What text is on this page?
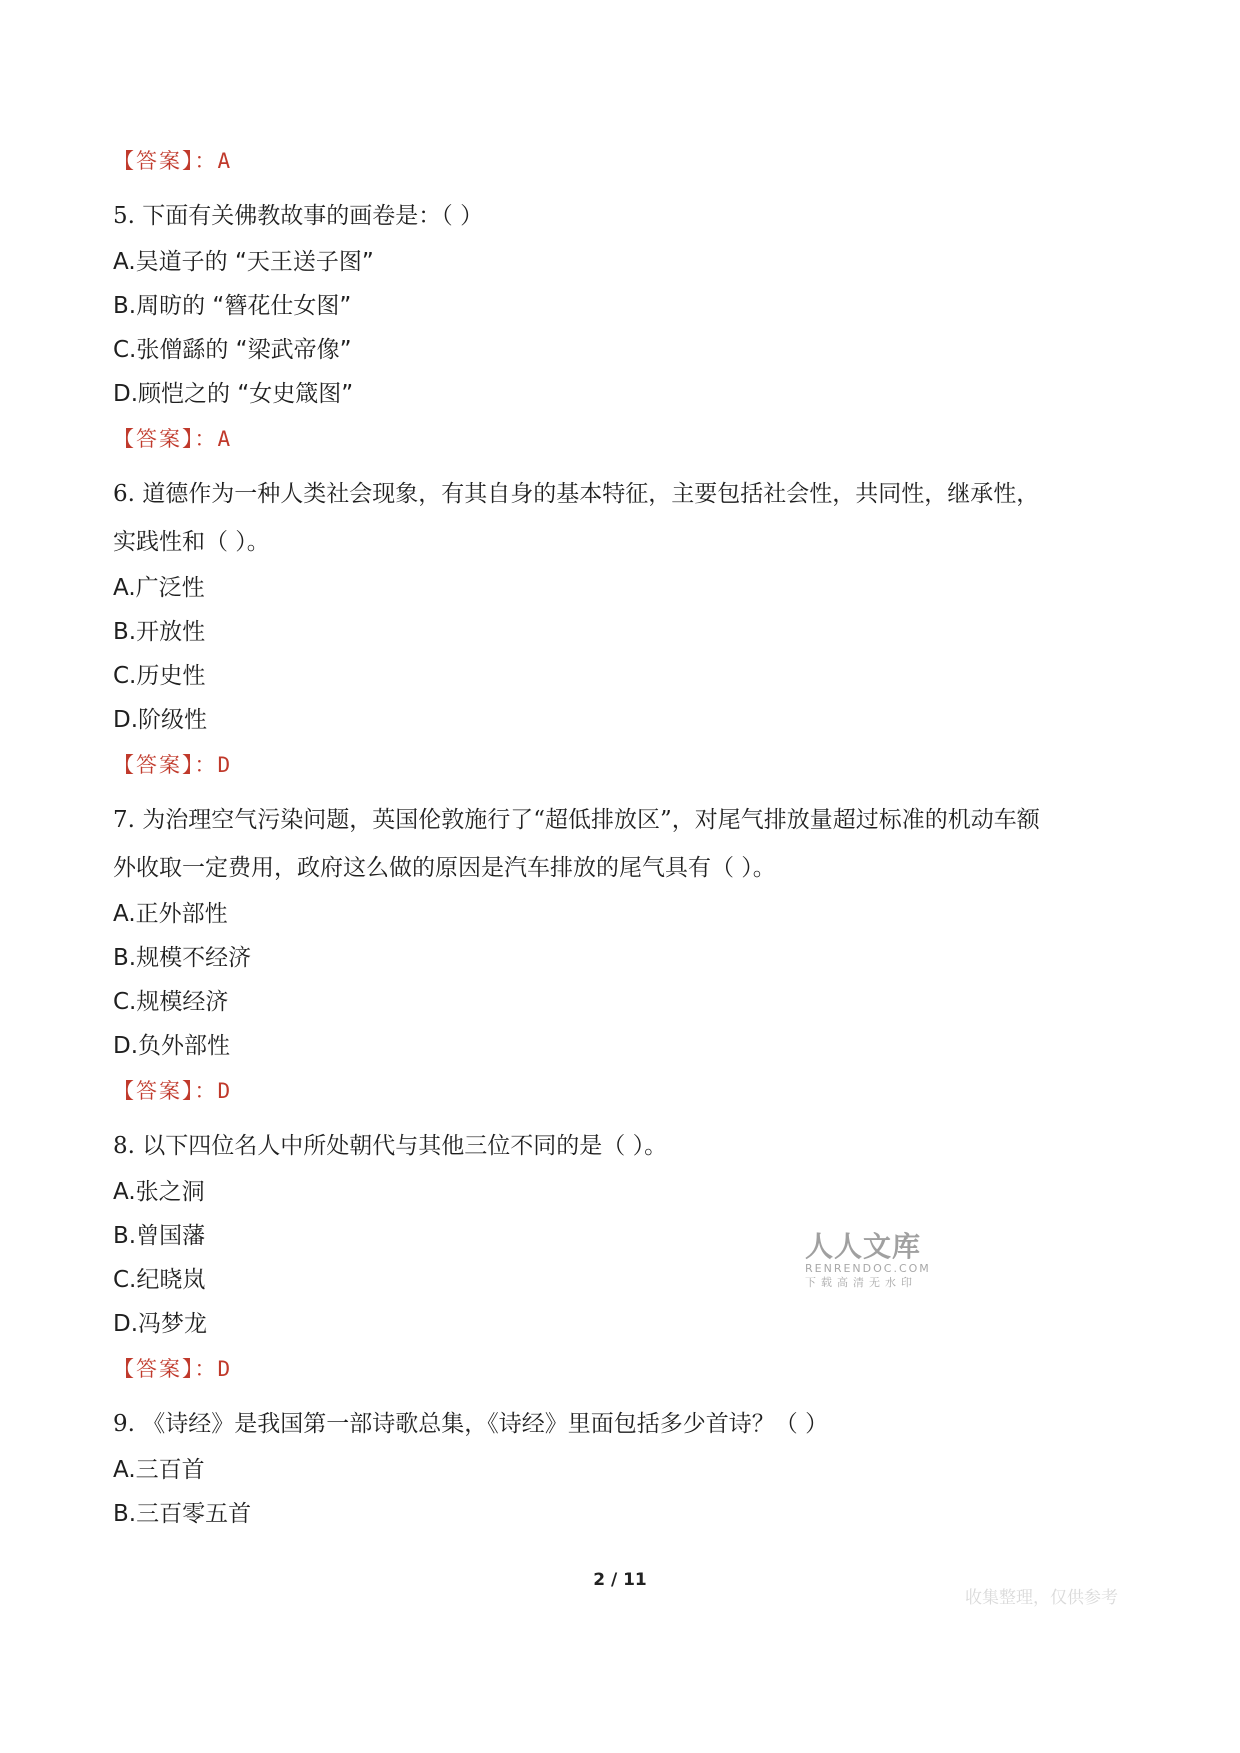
【答案】：A

5. 下面有关佛教故事的画卷是：（ ）

A.吴道子的 “天王送子图”

B.周昉的 “簪花仕女图”

C.张僧繇的 “梁武帝像”

D.顾恺之的 “女史箴图”

【答案】：A

6. 道德作为一种人类社会现象，有其自身的基本特征，主要包括社会性，共同性，继承性，

实践性和（ ）。

A.广泛性

B.开放性

C.历史性

D.阶级性

【答案】：D

7. 为治理空气污染问题，英国伦敦施行了“超低排放区”，对尾气排放量超过标准的机动车额

外收取一定费用，政府这么做的原因是汽车排放的尾气具有（ ）。

A.正外部性

B.规模不经济

C.规模经济

D.负外部性

【答案】：D

8. 以下四位名人中所处朝代与其他三位不同的是（ ）。

A.张之洞

B.曾国藩

C.纪晓岚

D.冯梦龙

【答案】：D

9. 《诗经》是我国第一部诗歌总集，《诗经》里面包括多少首诗？（ ）

A.三百首

B.三百零五首

人人文库
RENRENDOC.COM
下载高清无水印
2 / 11
收集整理，仅供参考
